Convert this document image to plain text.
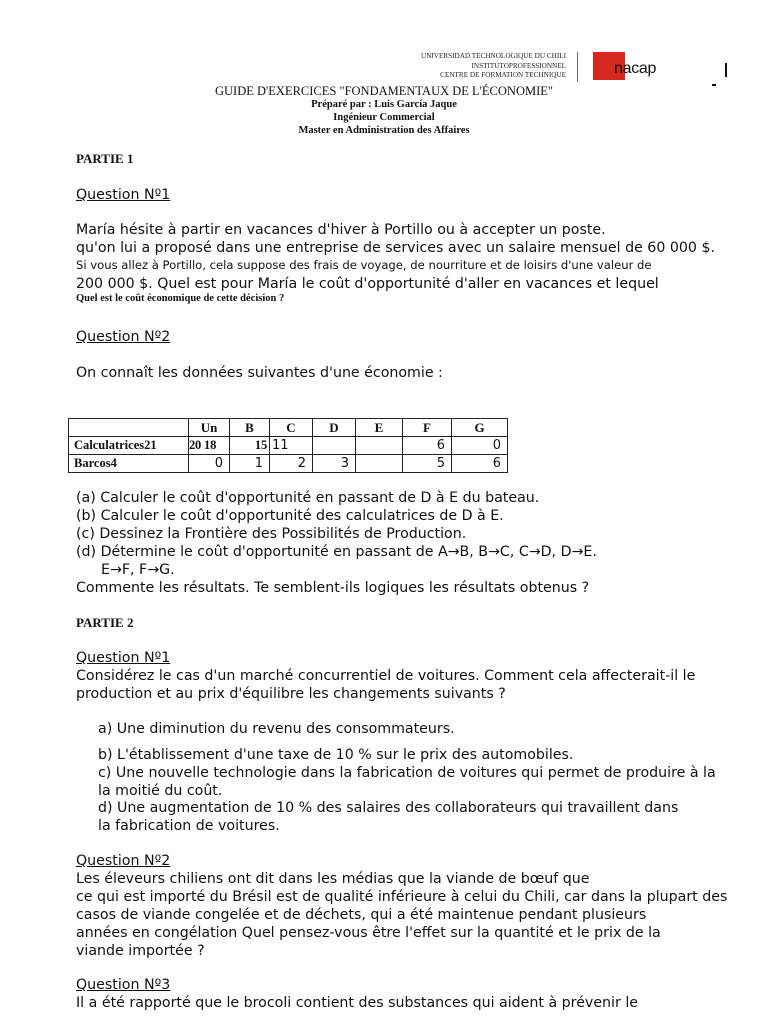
UNIVERSIDAD TECHNOLOGIQUE DU CHILI
INSTITUTOPROFESSIONNEL
CENTRE DE FORMATION TECHNIQUE	nacap
GUIDE D'EXERCICES "FONDAMENTAUX DE L'ÉCONOMIE"
Préparé par : Luis García Jaque
Ingénieur Commercial
Master en Administration des Affaires
PARTIE 1
Question Nº1
María hésite à partir en vacances d'hiver à Portillo ou à accepter un poste.
qu'on lui a proposé dans une entreprise de services avec un salaire mensuel de 60 000 $.
Si vous allez à Portillo, cela suppose des frais de voyage, de nourriture et de loisirs d'une valeur de
200 000 $. Quel est pour María le coût d'opportunité d'aller en vacances et lequel
Quel est le coût économique de cette décision ?
Question Nº2
On connaît les données suivantes d'une économie :
	Un	B	C	D	E	F	G
Calculatrices21	20 18	15	11			6	0
Barcos4	0	1	2	3		5	6
(a) Calculer le coût d'opportunité en passant de D à E du bateau.
(b) Calculer le coût d'opportunité des calculatrices de D à E.
(c) Dessinez la Frontière des Possibilités de Production.
(d) Détermine le coût d'opportunité en passant de A→B, B→C, C→D, D→E.
E→F, F→G.
Commente les résultats. Te semblent-ils logiques les résultats obtenus ?
PARTIE 2
Question Nº1
Considérez le cas d'un marché concurrentiel de voitures. Comment cela affecterait-il le
production et au prix d'équilibre les changements suivants ?
a) Une diminution du revenu des consommateurs.
b) L'établissement d'une taxe de 10 % sur le prix des automobiles.
c) Une nouvelle technologie dans la fabrication de voitures qui permet de produire à la
la moitié du coût.
d) Une augmentation de 10 % des salaires des collaborateurs qui travaillent dans
la fabrication de voitures.
Question Nº2
Les éleveurs chiliens ont dit dans les médias que la viande de bœuf que
ce qui est importé du Brésil est de qualité inférieure à celui du Chili, car dans la plupart des
casos de viande congelée et de déchets, qui a été maintenue pendant plusieurs
années en congélation Quel pensez-vous être l'effet sur la quantité et le prix de la
viande importée ?
Question Nº3
Il a été rapporté que le brocoli contient des substances qui aident à prévenir le
